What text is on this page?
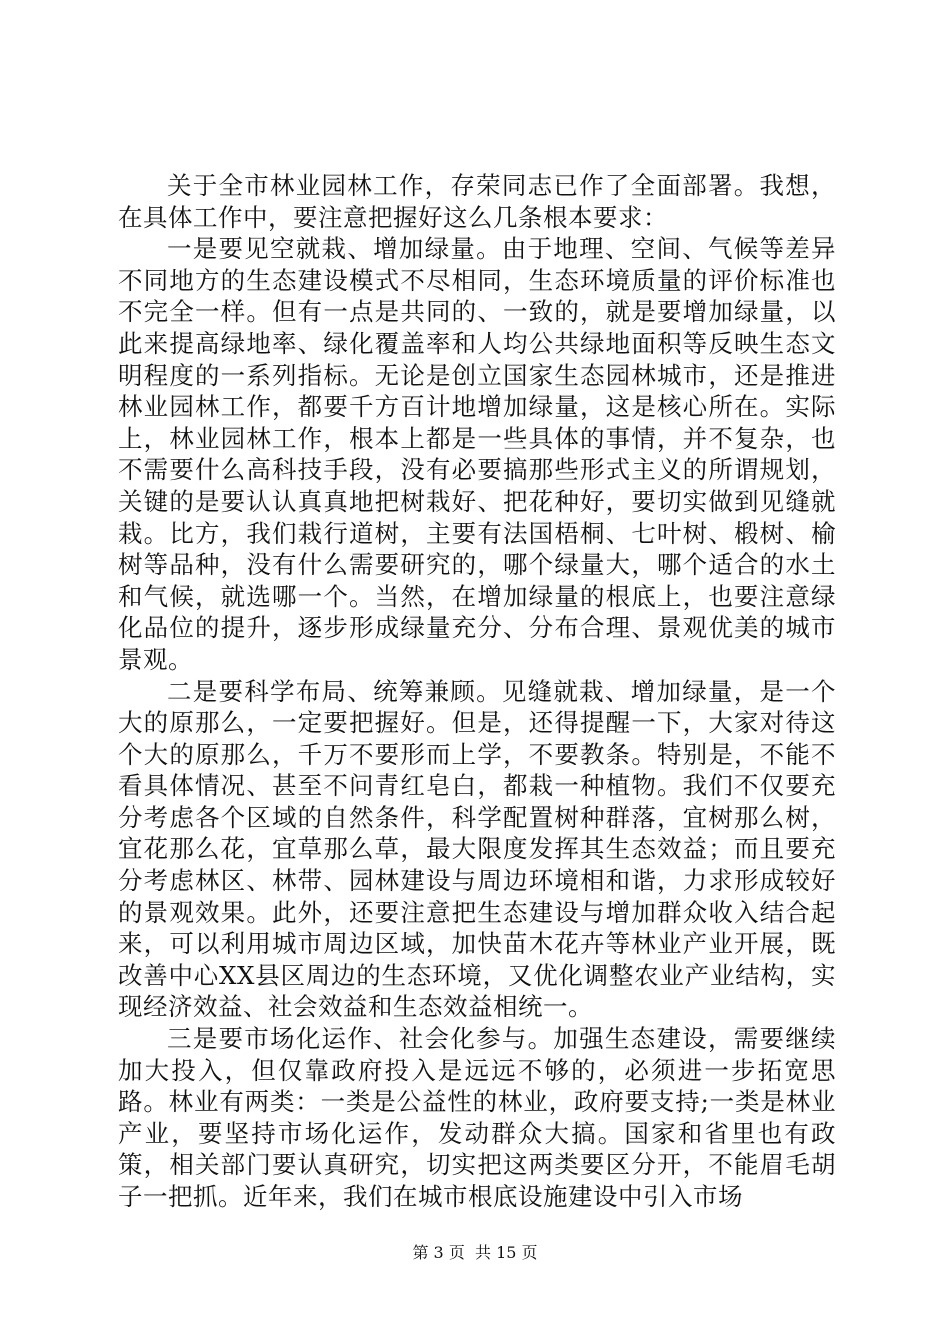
关于全市林业园林工作，存荣同志已作了全面部署。我想，在具体工作中，要注意把握好这么几条根本要求：

一是要见空就栽、增加绿量。由于地理、空间、气候等差异不同地方的生态建设模式不尽相同，生态环境质量的评价标准也不完全一样。但有一点是共同的、一致的，就是要增加绿量，以此来提高绿地率、绿化覆盖率和人均公共绿地面积等反映生态文明程度的一系列指标。无论是创立国家生态园林城市，还是推进林业园林工作，都要千方百计地增加绿量，这是核心所在。实际上，林业园林工作，根本上都是一些具体的事情，并不复杂，也不需要什么高科技手段，没有必要搞那些形式主义的所谓规划，关键的是要认认真真地把树栽好、把花种好，要切实做到见缝就栽。比方，我们栽行道树，主要有法国梧桐、七叶树、椴树、榆树等品种，没有什么需要研究的，哪个绿量大，哪个适合的水土和气候，就选哪一个。当然，在增加绿量的根底上，也要注意绿化品位的提升，逐步形成绿量充分、分布合理、景观优美的城市景观。

二是要科学布局、统筹兼顾。见缝就栽、增加绿量，是一个大的原那么，一定要把握好。但是，还得提醒一下，大家对待这个大的原那么，千万不要形而上学，不要教条。特别是，不能不看具体情况、甚至不问青红皂白，都栽一种植物。我们不仅要充分考虑各个区域的自然条件，科学配置树种群落，宜树那么树，宜花那么花，宜草那么草，最大限度发挥其生态效益；而且要充分考虑林区、林带、园林建设与周边环境相和谐，力求形成较好的景观效果。此外，还要注意把生态建设与增加群众收入结合起来，可以利用城市周边区域，加快苗木花卉等林业产业开展，既改善中心XX县区周边的生态环境，又优化调整农业产业结构，实现经济效益、社会效益和生态效益相统一。

三是要市场化运作、社会化参与。加强生态建设，需要继续加大投入，但仅靠政府投入是远远不够的，必须进一步拓宽思路。林业有两类：一类是公益性的林业，政府要支持;一类是林业产业，要坚持市场化运作，发动群众大搞。国家和省里也有政策，相关部门要认真研究，切实把这两类要区分开，不能眉毛胡子一把抓。近年来，我们在城市根底设施建设中引入市场

第 3 页  共 15 页
